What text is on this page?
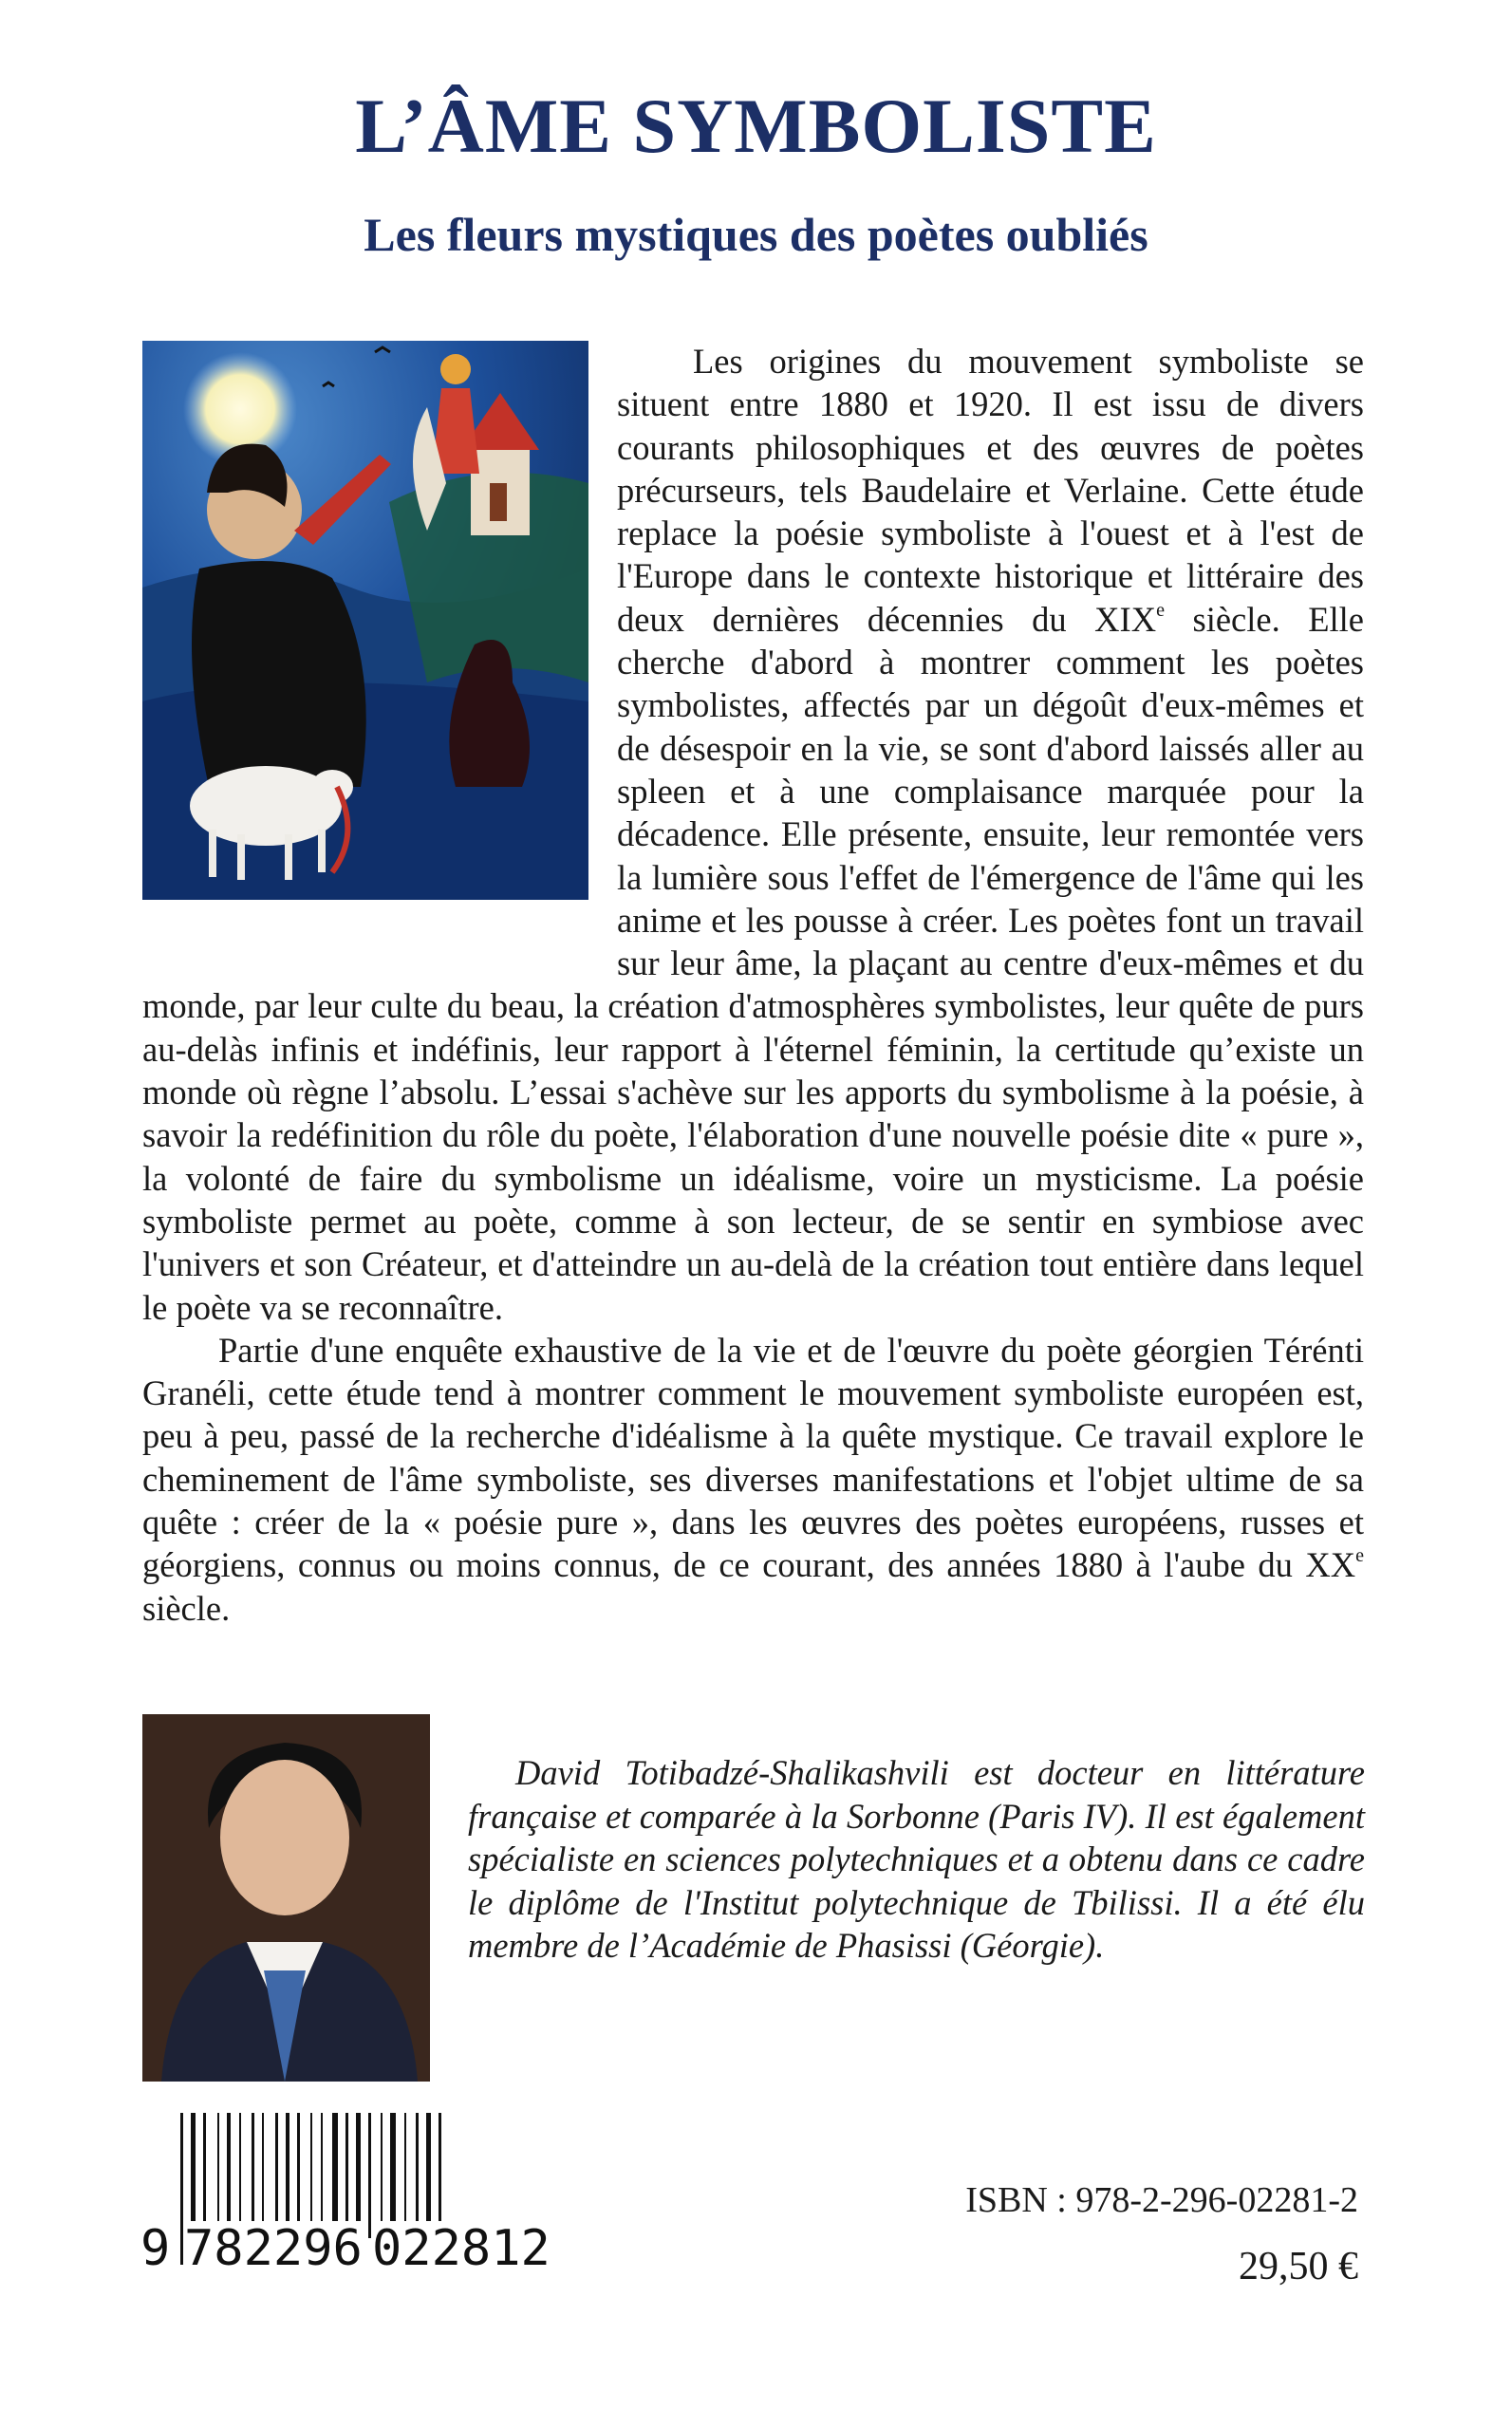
L’ÂME SYMBOLISTE
Les fleurs mystiques des poètes oubliés

Les origines du mouvement symboliste se situent entre 1880 et 1920. Il est issu de divers courants philosophiques et des œuvres de poètes précurseurs, tels Baudelaire et Verlaine. Cette étude replace la poésie symboliste à l'ouest et à l'est de l'Europe dans le contexte historique et littéraire des deux dernières décennies du XIXe siècle. Elle cherche d'abord à montrer comment les poètes symbolistes, affectés par un dégoût d'eux-mêmes et de désespoir en la vie, se sont d'abord laissés aller au spleen et à une complaisance marquée pour la décadence. Elle présente, ensuite, leur remontée vers la lumière sous l'effet de l'émergence de l'âme qui les anime et les pousse à créer. Les poètes font un travail sur leur âme, la plaçant au centre d'eux-mêmes et du monde, par leur culte du beau, la création d'atmosphères symbolistes, leur quête de purs au-delàs infinis et indéfinis, leur rapport à l'éternel féminin, la certitude qu’existe un monde où règne l’absolu. L’essai s'achève sur les apports du symbolisme à la poésie, à savoir la redéfinition du rôle du poète, l'élaboration d'une nouvelle poésie dite « pure », la volonté de faire du symbolisme un idéalisme, voire un mysticisme. La poésie symboliste permet au poète, comme à son lecteur, de se sentir en symbiose avec l'univers et son Créateur, et d'atteindre un au-delà de la création tout entière dans lequel le poète va se reconnaître.

Partie d'une enquête exhaustive de la vie et de l'œuvre du poète géorgien Térénti Granéli, cette étude tend à montrer comment le mouvement symboliste européen est, peu à peu, passé de la recherche d'idéalisme à la quête mystique. Ce travail explore le cheminement de l'âme symboliste, ses diverses manifestations et l'objet ultime de sa quête : créer de la « poésie pure », dans les œuvres des poètes européens, russes et géorgiens, connus ou moins connus, de ce courant, des années 1880 à l'aube du XXe siècle.

David Totibadzé-Shalikashvili est docteur en littérature française et comparée à la Sorbonne (Paris IV). Il est également spécialiste en sciences polytechniques et a obtenu dans ce cadre le diplôme de l'Institut polytechnique de Tbilissi. Il a été élu membre de l’Académie de Phasissi (Géorgie).

9 782296 022812

ISBN : 978-2-296-02281-2

29,50 €
